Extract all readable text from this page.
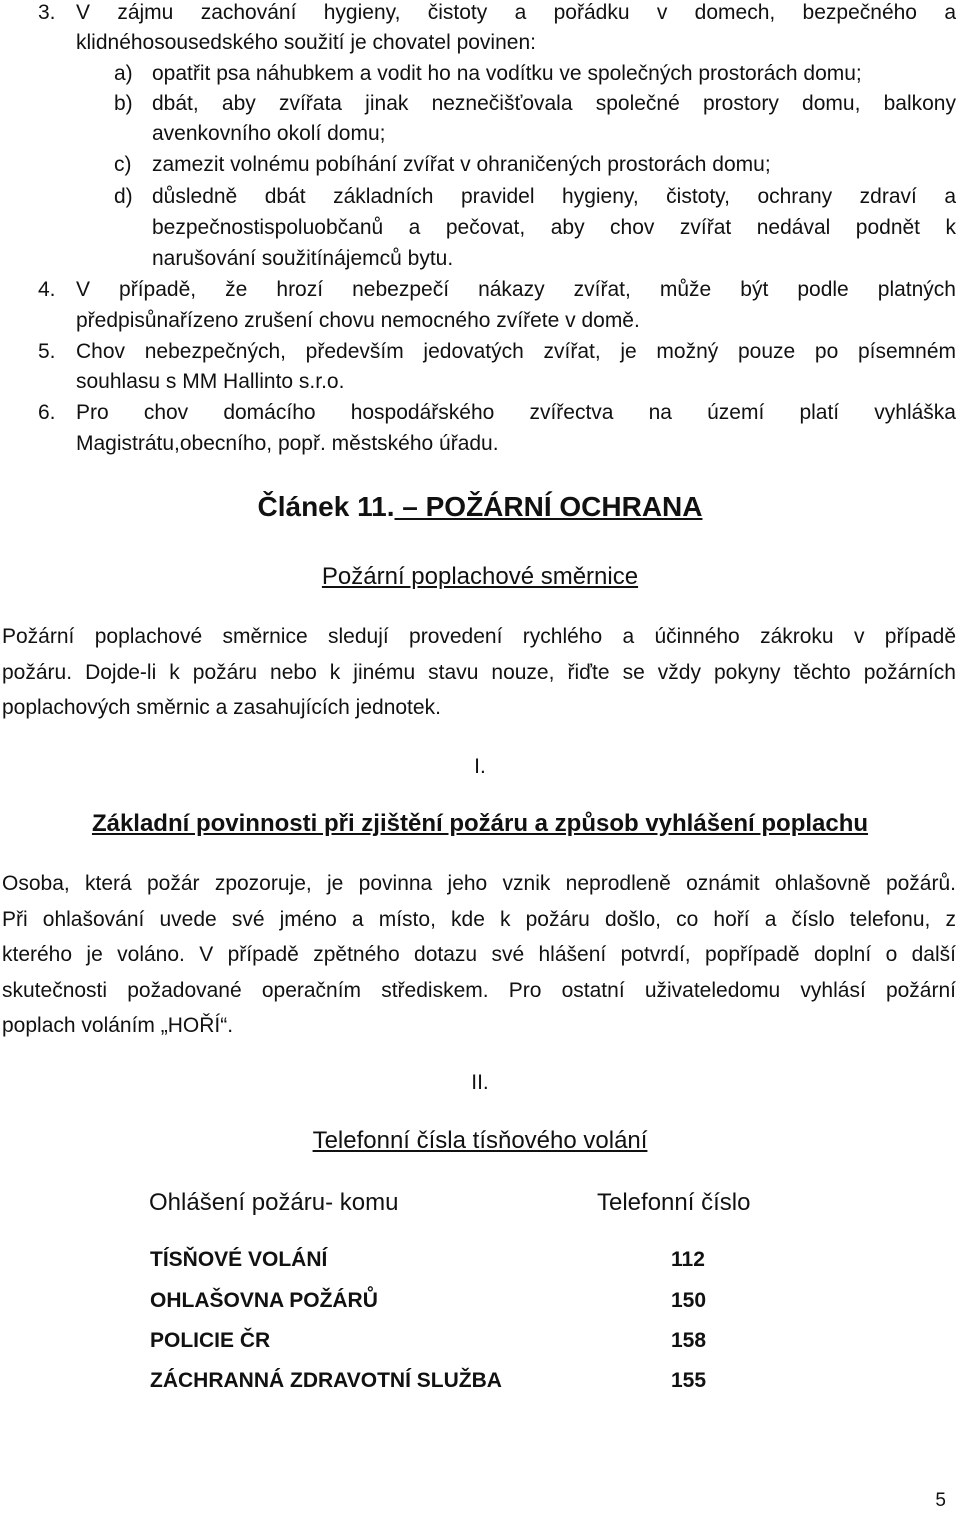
3. V zájmu zachování hygieny, čistoty a pořádku v domech, bezpečného a
klidnéhosousedského soužití je chovatel povinen:
a) opatřit psa náhubkem a vodit ho na vodítku ve společných prostorách domu;
b) dbát, aby zvířata jinak neznečišťovala společné prostory domu, balkony
avenkovního okolí domu;
c) zamezit volnému pobíhání zvířat v ohraničených prostorách domu;
d) důsledně dbát základních pravidel hygieny, čistoty, ochrany zdraví a
bezpečnostispoluobčanů a pečovat, aby chov zvířat nedával podnět k
narušování soužitínájemců bytu.
4. V případě, že hrozí nebezpečí nákazy zvířat, může být podle platných
předpisůnařízeno zrušení chovu nemocného zvířete v domě.
5. Chov nebezpečných, především jedovatých zvířat, je možný pouze po písemném
souhlasu s MM Hallinto s.r.o.
6. Pro chov domácího hospodářského zvířectva na území platí vyhláška
Magistrátu,obecního, popř. městského úřadu.
Článek 11. – POŽÁRNÍ OCHRANA
Požární poplachové směrnice
Požární poplachové směrnice sledují provedení rychlého a účinného zákroku v případě
požáru. Dojde-li k požáru nebo k jinému stavu nouze, řiďte se vždy pokyny těchto požárních
poplachových směrnic a zasahujících jednotek.
I.
Základní povinnosti při zjištění požáru a způsob vyhlášení poplachu
Osoba, která požár zpozoruje, je povinna jeho vznik neprodleně oznámit ohlašovně požárů.
Při ohlašování uvede své jméno a místo, kde k požáru došlo, co hoří a číslo telefonu, z
kterého je voláno. V případě zpětného dotazu své hlášení potvrdí, popřípadě doplní o další
skutečnosti požadované operačním střediskem. Pro ostatní uživateledomu vyhlásí požární
poplach voláním „HOŘÍ“.
II.
Telefonní čísla tísňového volání
Ohlášení požáru- komu	Telefonní číslo
TÍSŇOVÉ VOLÁNÍ	112
OHLAŠOVNA POŽÁRŮ	150
POLICIE ČR	158
ZÁCHRANNÁ ZDRAVOTNÍ SLUŽBA	155
5
